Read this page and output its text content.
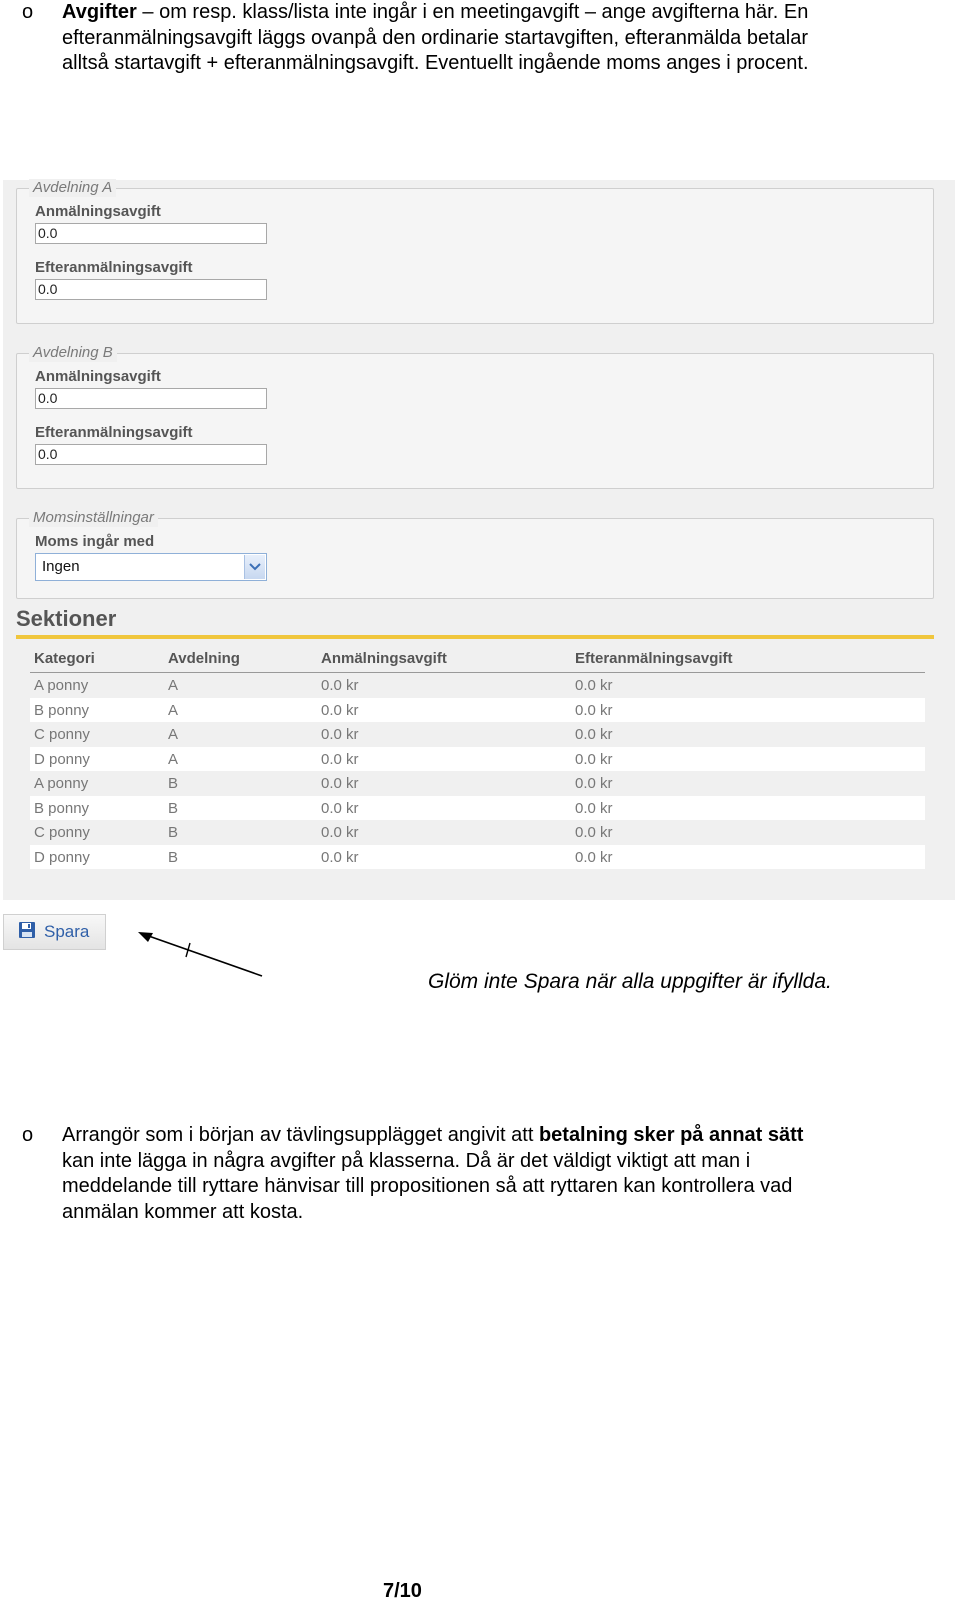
o Avgifter – om resp. klass/lista inte ingår i en meetingavgift – ange avgifterna här. En
efteranmälningsavgift läggs ovanpå den ordinarie startavgiften, efteranmälda betalar
alltså startavgift + efteranmälningsavgift. Eventuellt ingående moms anges i procent.
Avdelning A
Anmälningsavgift
0.0
Efteranmälningsavgift
0.0
Avdelning B
Anmälningsavgift
0.0
Efteranmälningsavgift
0.0
Momsinställningar
Moms ingår med
Ingen
Sektioner
Kategori	Avdelning	Anmälningsavgift	Efteranmälningsavgift
A ponny	A	0.0 kr	0.0 kr
B ponny	A	0.0 kr	0.0 kr
C ponny	A	0.0 kr	0.0 kr
D ponny	A	0.0 kr	0.0 kr
A ponny	B	0.0 kr	0.0 kr
B ponny	B	0.0 kr	0.0 kr
C ponny	B	0.0 kr	0.0 kr
D ponny	B	0.0 kr	0.0 kr
Spara
Glöm inte Spara när alla uppgifter är ifyllda.
o Arrangör som i början av tävlingsupplägget angivit att betalning sker på annat sätt
kan inte lägga in några avgifter på klasserna. Då är det väldigt viktigt att man i
meddelande till ryttare hänvisar till propositionen så att ryttaren kan kontrollera vad
anmälan kommer att kosta.
7/10
